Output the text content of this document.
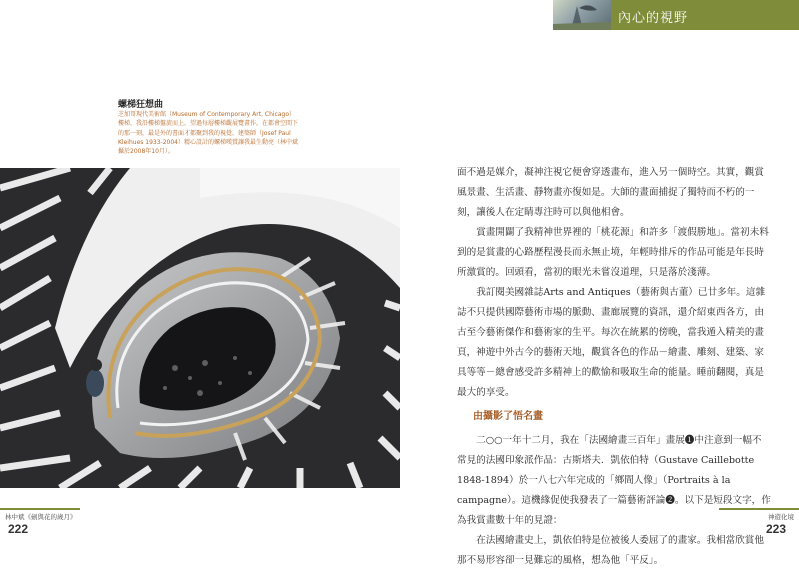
內心的視野
螺梯狂想曲
芝加哥現代美術館（Museum of Contemporary Art, Chicago）樓梯，我沿樓梯盤旋而上，望過每層樓梯觀展覽畫作，在都會空間下的那一刻，最是外的書面才都聚到我的視覺。建築師（Josef Paul Kleihues 1933-2004）精心設計的螺梯嘆賞讓我最生動亮（林中斌攝於2008年10月）。

面不過是媒介，凝神注視它便會穿透畫布，進入另一個時空。其實，觀賞風景畫、生活畫、靜物畫亦復如是。大師的畫面捕捉了獨特而不朽的一刻，讓後人在定睛專注時可以與他相會。

賞畫開闢了我精神世界裡的「桃花源」和許多「渡假勝地」。當初未料到的是賞畫的心路歷程漫長而永無止境，年輕時排斥的作品可能是年長時所激賞的。回頭看，當初的眼光未嘗沒道理，只是落於淺薄。

我訂閱美國雜誌Arts and Antiques（藝術與古董）已廿多年。這雜誌不只提供國際藝術市場的脈動、畫廊展覽的資訊，還介紹東西各方，由古至今藝術傑作和藝術家的生平。每次在統累的傍晚，當我遁入精美的畫頁，神遊中外古今的藝術天地，觀賞各色的作品－繪畫、雕刻、建築、家具等等－總會感受許多精神上的歡愉和吸取生命的能量。睡前翻閱，真是最大的享受。

由攝影了悟名畫

二○○一年十二月，我在「法國繪畫三百年」畫展❶中注意到一幅不常見的法國印象派作品：古斯塔夫．凱依伯特（Gustave Caillebotte 1848-1894）於一八七六年完成的「鄉間人像」（Portraits à la campagne）。這機緣促使我發表了一篇藝術評論❷。以下是短段文字，作為我賞畫數十年的見證：

在法國繪畫史上，凱依伯特是位被後人委屈了的畫家。我相當欣賞他那不易形容卻一見難忘的風格，想為他「平反」。

林中斌《劍與花的歲月》
222
神遊化境
223
